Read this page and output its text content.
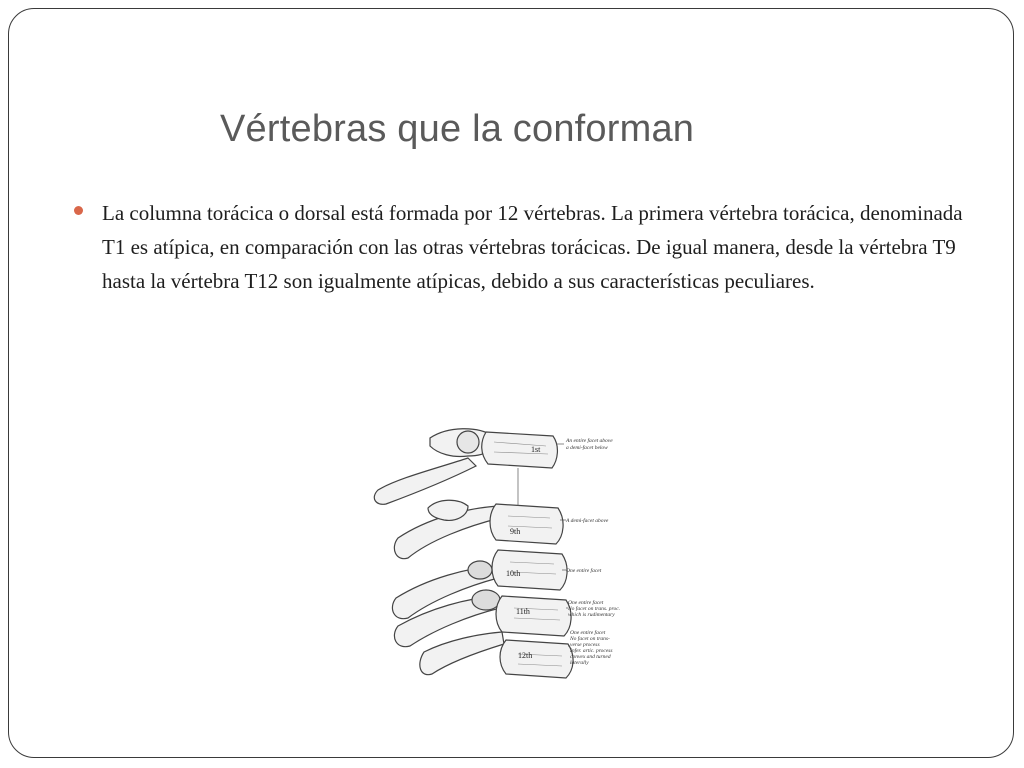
Vértebras que la conforman

La columna torácica o dorsal está formada por 12 vértebras. La primera vértebra torácica, denominada T1 es atípica, en comparación con las otras vértebras torácicas. De igual manera, desde la vértebra T9 hasta la vértebra T12 son igualmente atípicas, debido a sus características peculiares.

1st
9th
10th
11th
12th
An entire facet above
a demi-facet below
A demi-facet above
One entire facet
One entire facet
No facet on trans. proc.
which is rudimentary
One entire facet
No facet on trans-
verse process
Infer. artic. process
convex and turned
laterally
